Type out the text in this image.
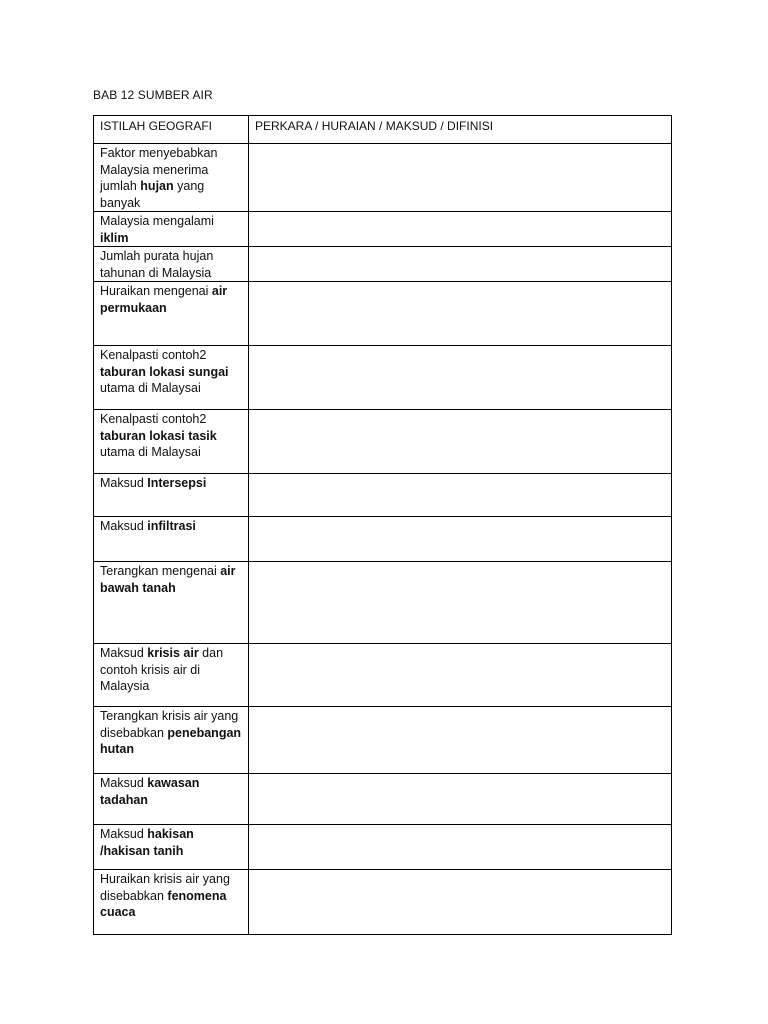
BAB 12 SUMBER AIR
ISTILAH GEOGRAFI	PERKARA / HURAIAN / MAKSUD / DIFINISI
Faktor menyebabkan Malaysia menerima jumlah hujan yang banyak	
Malaysia mengalami iklim	
Jumlah purata hujan tahunan di Malaysia	
Huraikan mengenai air permukaan	
Kenalpasti contoh2 taburan lokasi sungai utama di Malaysai	
Kenalpasti contoh2 taburan lokasi tasik utama di Malaysai	
Maksud Intersepsi	
Maksud infiltrasi	
Terangkan mengenai air bawah tanah	
Maksud krisis air dan contoh krisis air di Malaysia	
Terangkan krisis air yang disebabkan penebangan hutan	
Maksud kawasan tadahan	
Maksud hakisan /hakisan tanih	
Huraikan krisis air yang disebabkan fenomena cuaca	
